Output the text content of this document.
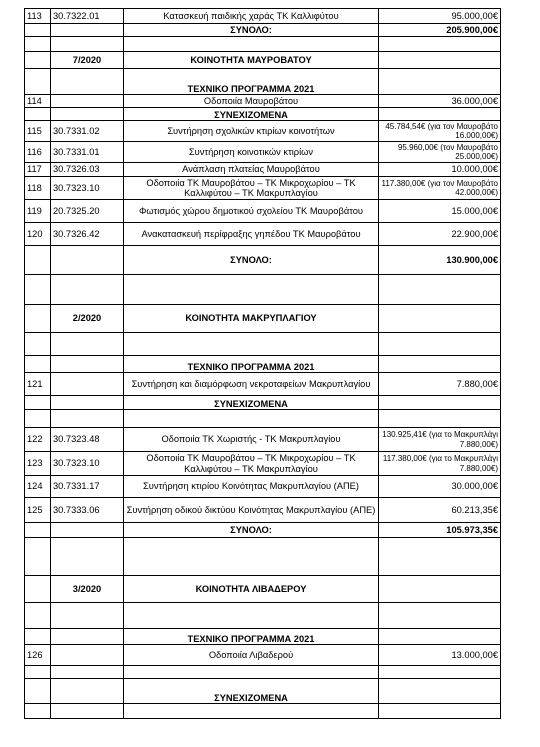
113	30.7322.01	Κατασκευή παιδικής χαράς ΤΚ Καλλιφύτου	95.000,00€
		ΣΥΝΟΛΟ:	205.900,00€

	7/2020	ΚΟΙΝΟΤΗΤΑ ΜΑΥΡΟΒΑΤΟΥ	
		ΤΕΧΝΙΚΟ ΠΡΟΓΡΑΜΜΑ 2021	
114		Οδοποιία Μαυροβάτου	36.000,00€
		ΣΥΝΕΧΙΖΟΜΕΝΑ	
115	30.7331.02	Συντήρηση σχολικών κτιρίων κοινοτήτων	45.784,54€ (για τον Μαυροβάτο 16.000,00€)
116	30.7331.01	Συντήρηση κοινοτικών κτιρίων	95.960,00€ (τον Μαυροβάτο 25.000,00€)
117	30.7326.03	Ανάπλαση πλατείας Μαυροβάτου	10.000,00€
118	30.7323.10	Οδοποιία ΤΚ Μαυροβάτου – ΤΚ Μικροχωρίου – ΤΚ Καλλιφύτου – ΤΚ Μακρυπλαγίου	117.380,00€ (για τον Μαυροβάτο 42.000,00€)
119	20.7325.20	Φωτισμός χώρου δημοτικού σχολείου ΤΚ Μαυροβάτου	15.000,00€
120	30.7326.42	Ανακατασκευή περίφραξης γηπέδου ΤΚ Μαυροβάτου	22.900,00€
		ΣΥΝΟΛΟ:	130.900,00€

	2/2020	ΚΟΙΝΟΤΗΤΑ ΜΑΚΡΥΠΛΑΓΙΟΥ	

		ΤΕΧΝΙΚΟ ΠΡΟΓΡΑΜΜΑ 2021	
121		Συντήρηση και διαμόρφωση νεκροταφείων Μακρυπλαγίου	7.880,00€
		ΣΥΝΕΧΙΖΟΜΕΝΑ	

122	30.7323.48	Οδοποιία ΤΚ Χωριστής - ΤΚ Μακρυπλαγίου	130.925,41€ (για το Μακρυπλάγι 7.880,00€)
123	30.7323.10	Οδοποιία ΤΚ Μαυροβάτου – ΤΚ Μικροχωρίου – ΤΚ Καλλιφύτου – ΤΚ Μακρυπλαγίου	117.380,00€ (για το Μακρυπλάγι 7.880,00€)
124	30.7331.17	Συντήρηση κτιρίου Κοινότητας Μακρυπλαγίου (ΑΠΕ)	30.000,00€
125	30.7333.06	Συντήρηση οδικού δικτύου Κοινότητας Μακρυπλαγίου (ΑΠΕ)	60.213,35€
		ΣΥΝΟΛΟ:	105.973,35€

	3/2020	ΚΟΙΝΟΤΗΤΑ ΛΙΒΑΔΕΡΟΥ	

		ΤΕΧΝΙΚΟ ΠΡΟΓΡΑΜΜΑ 2021	
126		Οδοποιία Λιβαδερού	13.000,00€

		ΣΥΝΕΧΙΖΟΜΕΝΑ	
